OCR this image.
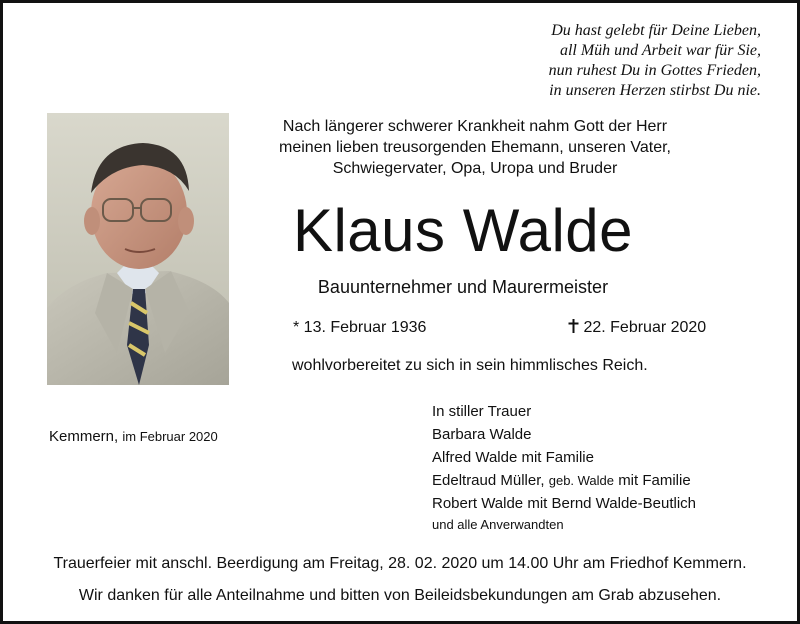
Du hast gelebt für Deine Lieben,
all Müh und Arbeit war für Sie,
nun ruhest Du in Gottes Frieden,
in unseren Herzen stirbst Du nie.
Nach längerer schwerer Krankheit nahm Gott der Herr
meinen lieben treusorgenden Ehemann, unseren Vater,
Schwiegervater, Opa, Uropa und Bruder
Klaus Walde
Bauunternehmer und Maurermeister
* 13. Februar 1936	22. Februar 2020
wohlvorbereitet zu sich in sein himmlisches Reich.
Kemmern, im Februar 2020
In stiller Trauer
Barbara Walde
Alfred Walde mit Familie
Edeltraud Müller, geb. Walde mit Familie
Robert Walde mit Bernd Walde-Beutlich
und alle Anverwandten
Trauerfeier mit anschl. Beerdigung am Freitag, 28. 02. 2020 um 14.00 Uhr am Friedhof Kemmern.
Wir danken für alle Anteilnahme und bitten von Beileidsbekundungen am Grab abzusehen.
